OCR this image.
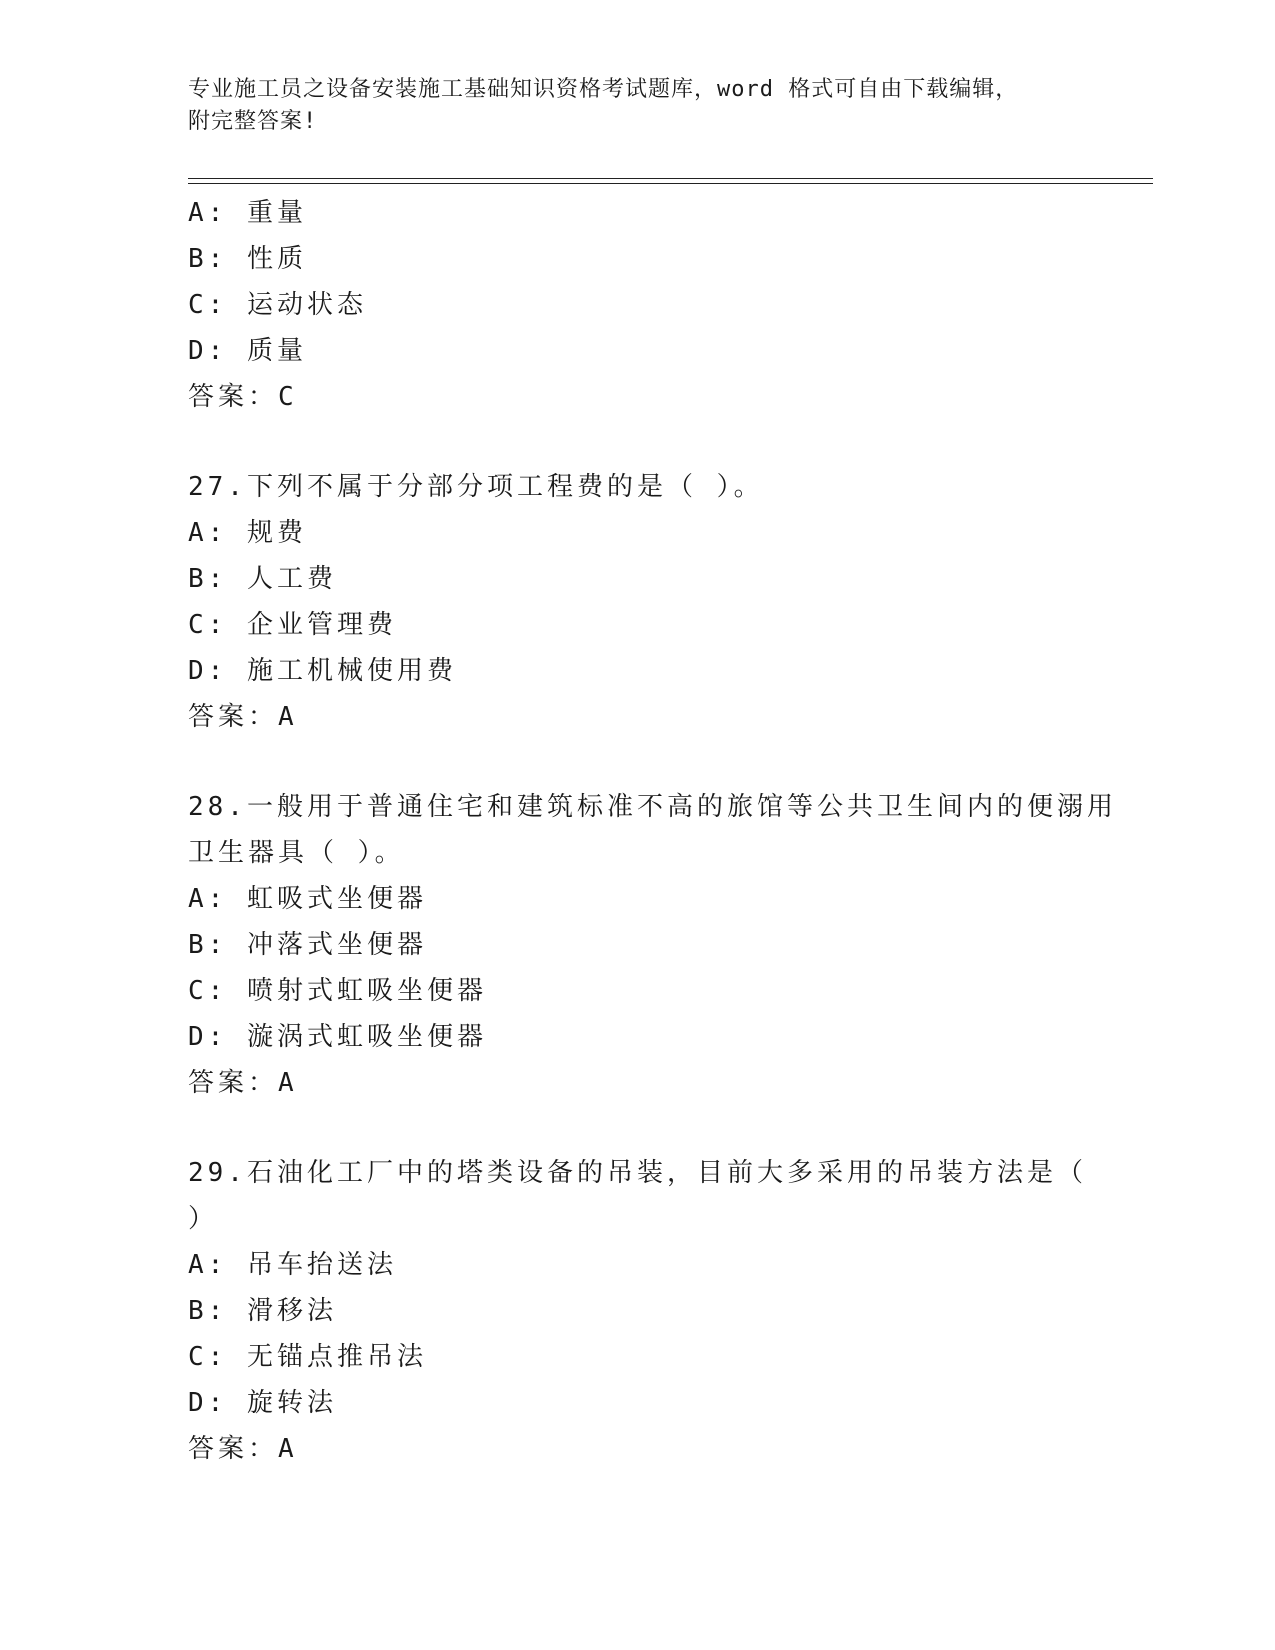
专业施工员之设备安装施工基础知识资格考试题库，word 格式可自由下载编辑，
附完整答案!
A: 重量
B: 性质
C: 运动状态
D: 质量
答案：C
27.下列不属于分部分项工程费的是（ ）。
A: 规费
B: 人工费
C: 企业管理费
D: 施工机械使用费
答案：A
28.一般用于普通住宅和建筑标准不高的旅馆等公共卫生间内的便溺用
卫生器具（ ）。
A: 虹吸式坐便器
B: 冲落式坐便器
C: 喷射式虹吸坐便器
D: 漩涡式虹吸坐便器
答案：A
29.石油化工厂中的塔类设备的吊装，目前大多采用的吊装方法是（
）
A: 吊车抬送法
B: 滑移法
C: 无锚点推吊法
D: 旋转法
答案：A
